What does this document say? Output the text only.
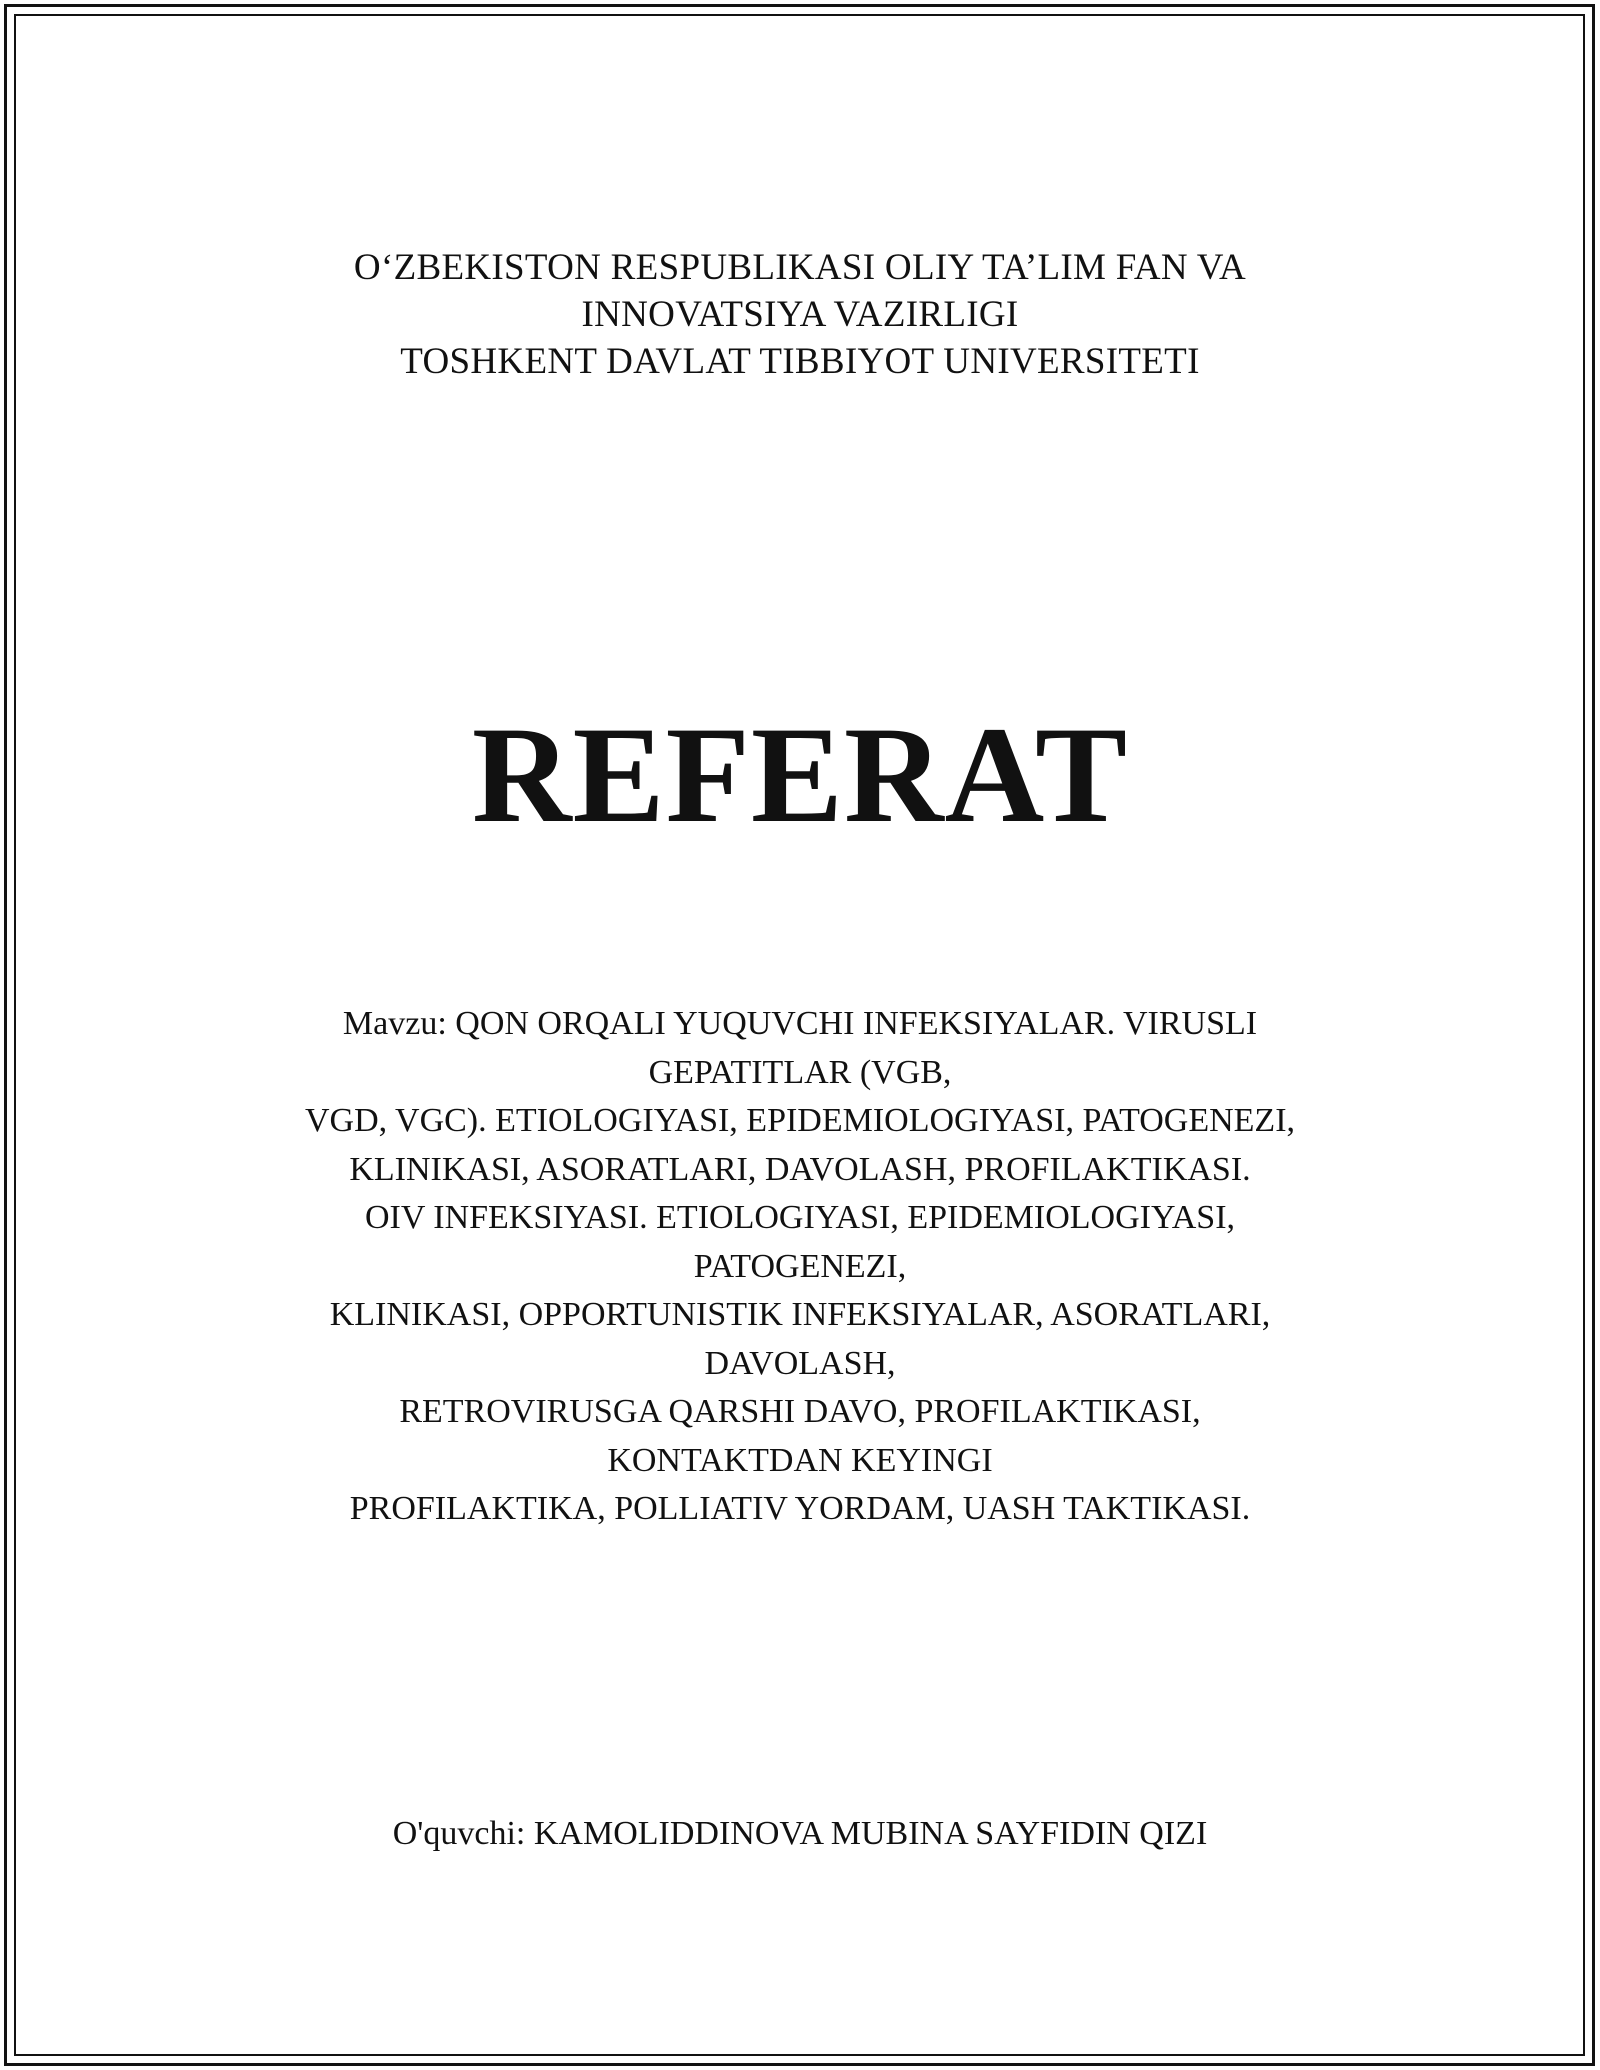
O‘ZBEKISTON RESPUBLIKASI OLIY TA’LIM FAN VA
INNOVATSIYA VAZIRLIGI
TOSHKENT DAVLAT TIBBIYOT UNIVERSITETI
REFERAT
Mavzu: QON ORQALI YUQUVCHI INFEKSIYALAR. VIRUSLI
GEPATITLAR (VGB,
VGD, VGC). ETIOLOGIYASI, EPIDEMIOLOGIYASI, PATOGENEZI,
KLINIKASI, ASORATLARI, DAVOLASH, PROFILAKTIKASI.
OIV INFEKSIYASI. ETIOLOGIYASI, EPIDEMIOLOGIYASI,
PATOGENEZI,
KLINIKASI, OPPORTUNISTIK INFEKSIYALAR, ASORATLARI,
DAVOLASH,
RETROVIRUSGA QARSHI DAVO, PROFILAKTIKASI,
KONTAKTDAN KEYINGI
PROFILAKTIKA, POLLIATIV YORDAM, UASH TAKTIKASI.
O'quvchi: KAMOLIDDINOVA MUBINA SAYFIDIN QIZI
